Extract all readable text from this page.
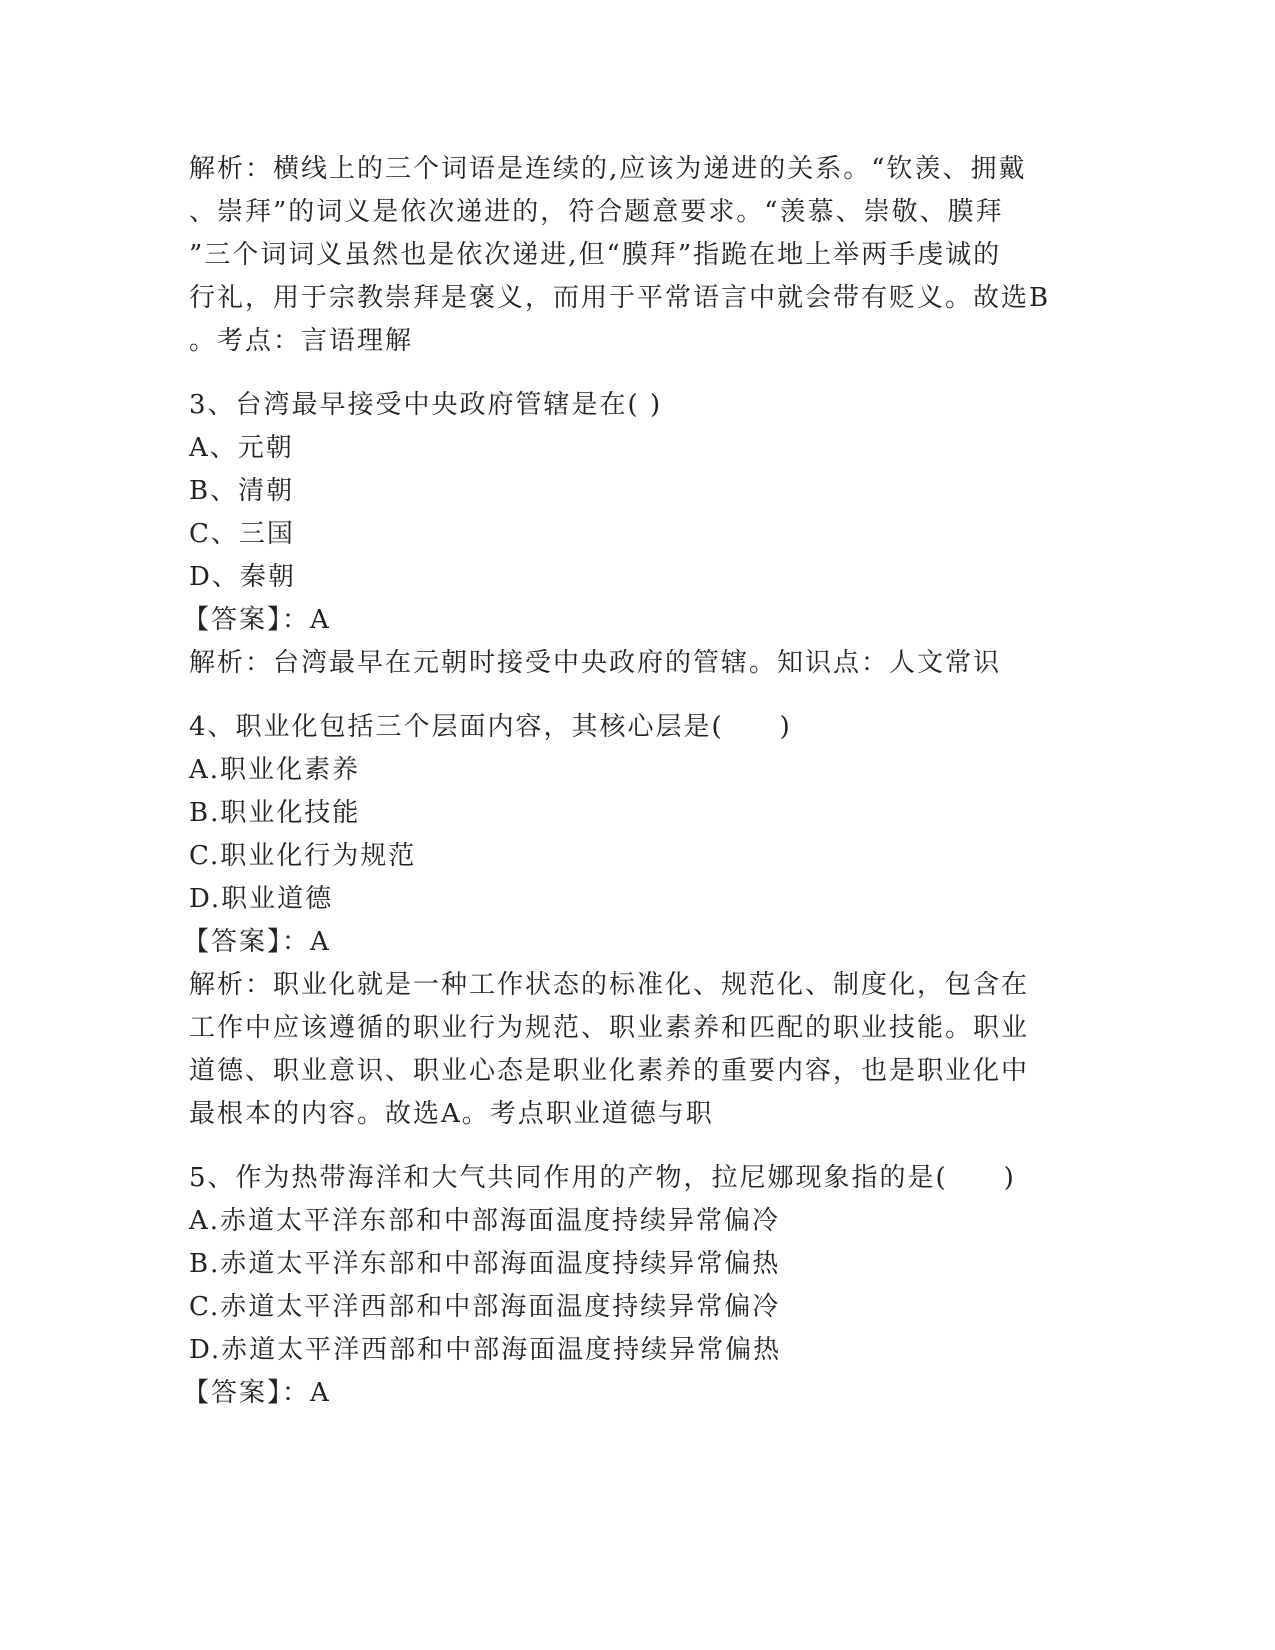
解析：横线上的三个词语是连续的,应该为递进的关系。“钦羡、拥戴
、崇拜”的词义是依次递进的，符合题意要求。“羡慕、崇敬、膜拜
”三个词词义虽然也是依次递进,但“膜拜”指跪在地上举两手虔诚的
行礼，用于宗教崇拜是褒义，而用于平常语言中就会带有贬义。故选B
。考点：言语理解
3、台湾最早接受中央政府管辖是在( )
A、元朝
B、清朝
C、三国
D、秦朝
【答案】：A
解析：台湾最早在元朝时接受中央政府的管辖。知识点：人文常识
4、职业化包括三个层面内容，其核心层是(　　)
A.职业化素养
B.职业化技能
C.职业化行为规范
D.职业道德
【答案】：A
解析：职业化就是一种工作状态的标准化、规范化、制度化，包含在
工作中应该遵循的职业行为规范、职业素养和匹配的职业技能。职业
道德、职业意识、职业心态是职业化素养的重要内容，也是职业化中
最根本的内容。故选A。考点职业道德与职
5、作为热带海洋和大气共同作用的产物，拉尼娜现象指的是(　　)
A.赤道太平洋东部和中部海面温度持续异常偏冷
B.赤道太平洋东部和中部海面温度持续异常偏热
C.赤道太平洋西部和中部海面温度持续异常偏冷
D.赤道太平洋西部和中部海面温度持续异常偏热
【答案】：A
